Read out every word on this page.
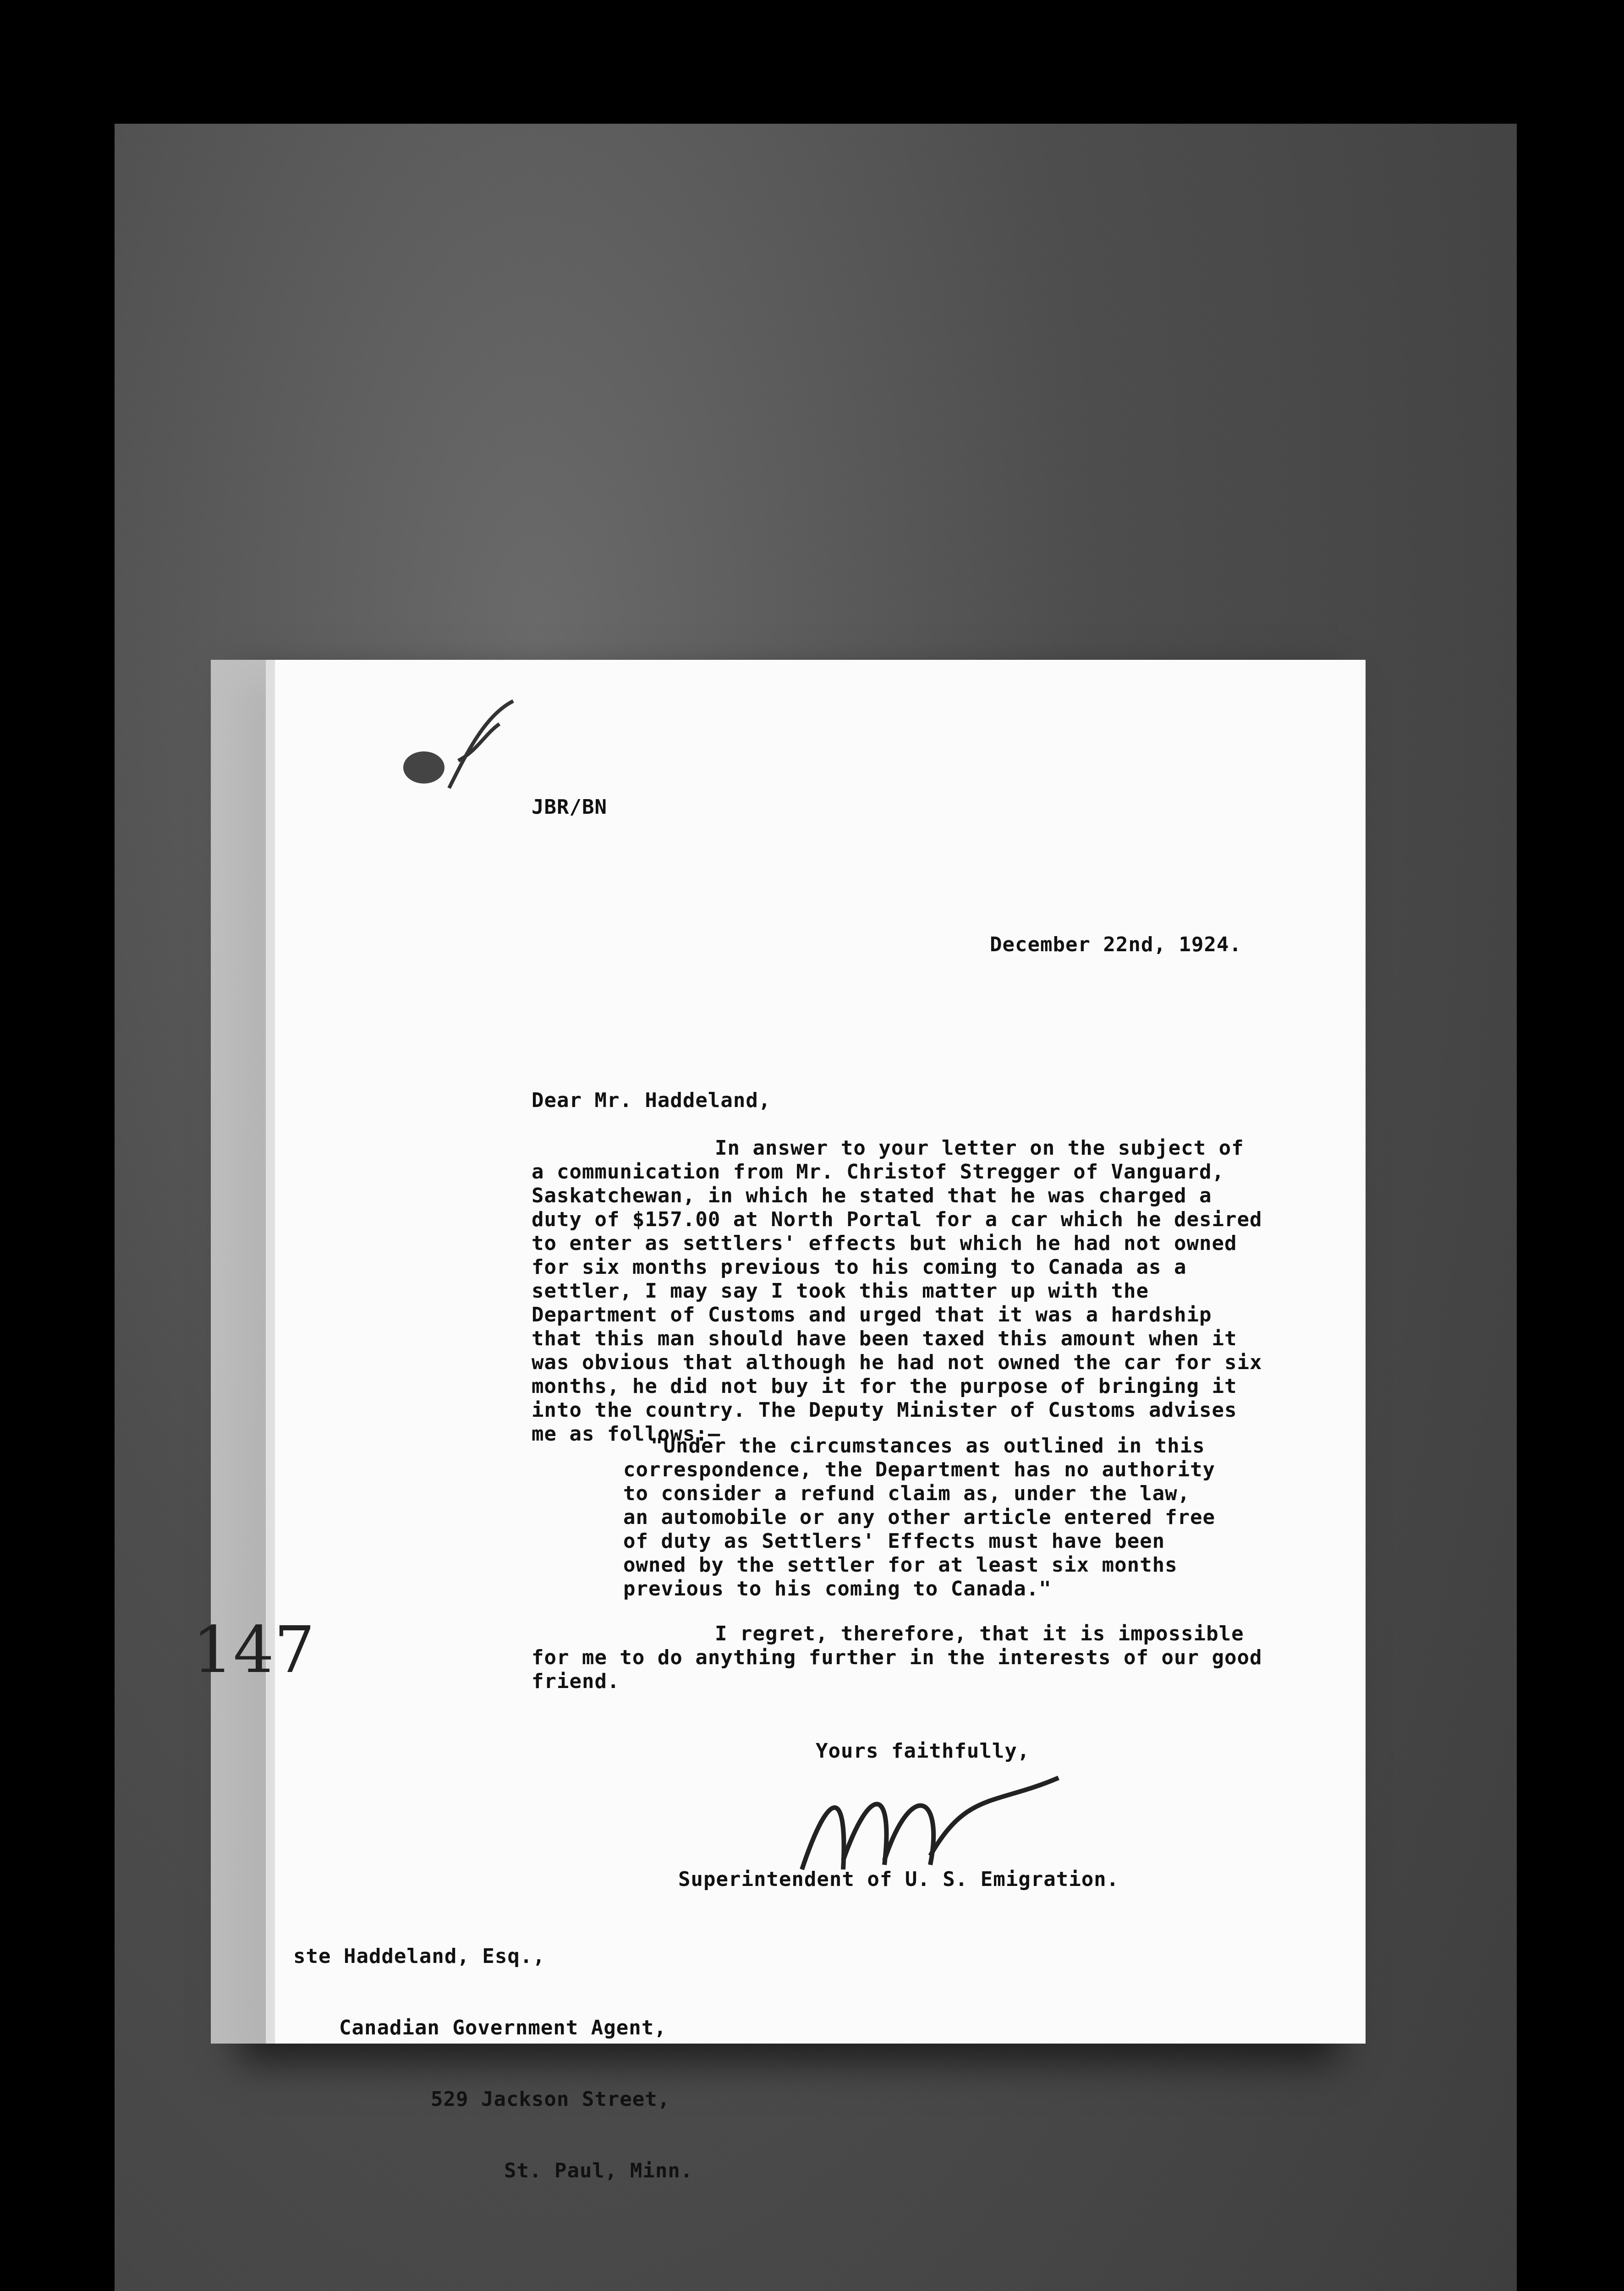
JBR/BN
December 22nd, 1924.
Dear Mr. Haddeland,
In answer to your letter on the subject of a communication from Mr. Christof Stregger of Vanguard, Saskatchewan, in which he stated that he was charged a duty of $157.00 at North Portal for a car which he desired to enter as settlers' effects but which he had not owned for six months previous to his coming to Canada as a settler, I may say I took this matter up with the Department of Customs and urged that it was a hardship that this man should have been taxed this amount when it was obvious that although he had not owned the car for six months, he did not buy it for the purpose of bringing it into the country. The Deputy Minister of Customs advises me as follows:—
"Under the circumstances as outlined in this correspondence, the Department has no authority to consider a refund claim as, under the law, an automobile or any other article entered free of duty as Settlers' Effects must have been owned by the settler for at least six months previous to his coming to Canada."
I regret, therefore, that it is impossible for me to do anything further in the interests of our good friend.
Yours faithfully,
Superintendent of U. S. Emigration.

ste Haddeland, Esq.,

Canadian Government Agent,

529 Jackson Street,

St. Paul, Minn.

147
